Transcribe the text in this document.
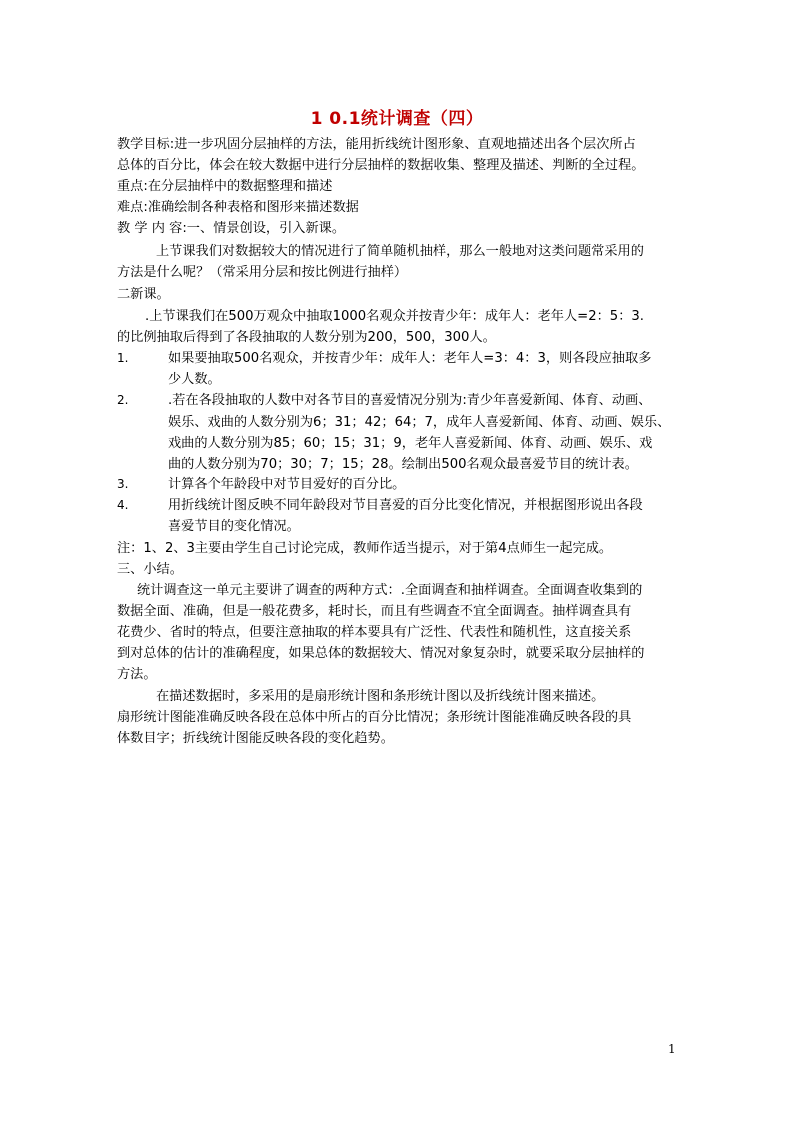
1 0.1统计调查（四）
教学目标:进一步巩固分层抽样的方法，能用折线统计图形象、直观地描述出各个层次所占
总体的百分比，体会在较大数据中进行分层抽样的数据收集、整理及描述、判断的全过程。
重点:在分层抽样中的数据整理和描述
难点:准确绘制各种表格和图形来描述数据
教 学 内 容:一、情景创设，引入新课。
上节课我们对数据较大的情况进行了简单随机抽样，那么一般地对这类问题常采用的
方法是什么呢？（常采用分层和按比例进行抽样）
二新课。
.上节课我们在500万观众中抽取1000名观众并按青少年：成年人：老年人=2：5：3.
的比例抽取后得到了各段抽取的人数分别为200，500，300人。
1.	如果要抽取500名观众，并按青少年：成年人：老年人=3：4：3，则各段应抽取多
少人数。
2.	.若在各段抽取的人数中对各节目的喜爱情况分别为:青少年喜爱新闻、体育、动画、
娱乐、戏曲的人数分别为6；31；42；64；7，成年人喜爱新闻、体育、动画、娱乐、
戏曲的人数分别为85；60；15；31；9，老年人喜爱新闻、体育、动画、娱乐、戏
曲的人数分别为70；30；7；15；28。绘制出500名观众最喜爱节目的统计表。
3.	计算各个年龄段中对节目爱好的百分比。
4.	用折线统计图反映不同年龄段对节目喜爱的百分比变化情况，并根据图形说出各段
喜爱节目的变化情况。
注：1、2、3主要由学生自己讨论完成，教师作适当提示，对于第4点师生一起完成。
三、小结。
统计调查这一单元主要讲了调查的两种方式：.全面调查和抽样调查。全面调查收集到的
数据全面、准确，但是一般花费多，耗时长，而且有些调查不宜全面调查。抽样调查具有
花费少、省时的特点，但要注意抽取的样本要具有广泛性、代表性和随机性，这直接关系
到对总体的估计的准确程度，如果总体的数据较大、情况对象复杂时，就要采取分层抽样的
方法。
在描述数据时，多采用的是扇形统计图和条形统计图以及折线统计图来描述。
扇形统计图能准确反映各段在总体中所占的百分比情况；条形统计图能准确反映各段的具
体数目字；折线统计图能反映各段的变化趋势。
1
